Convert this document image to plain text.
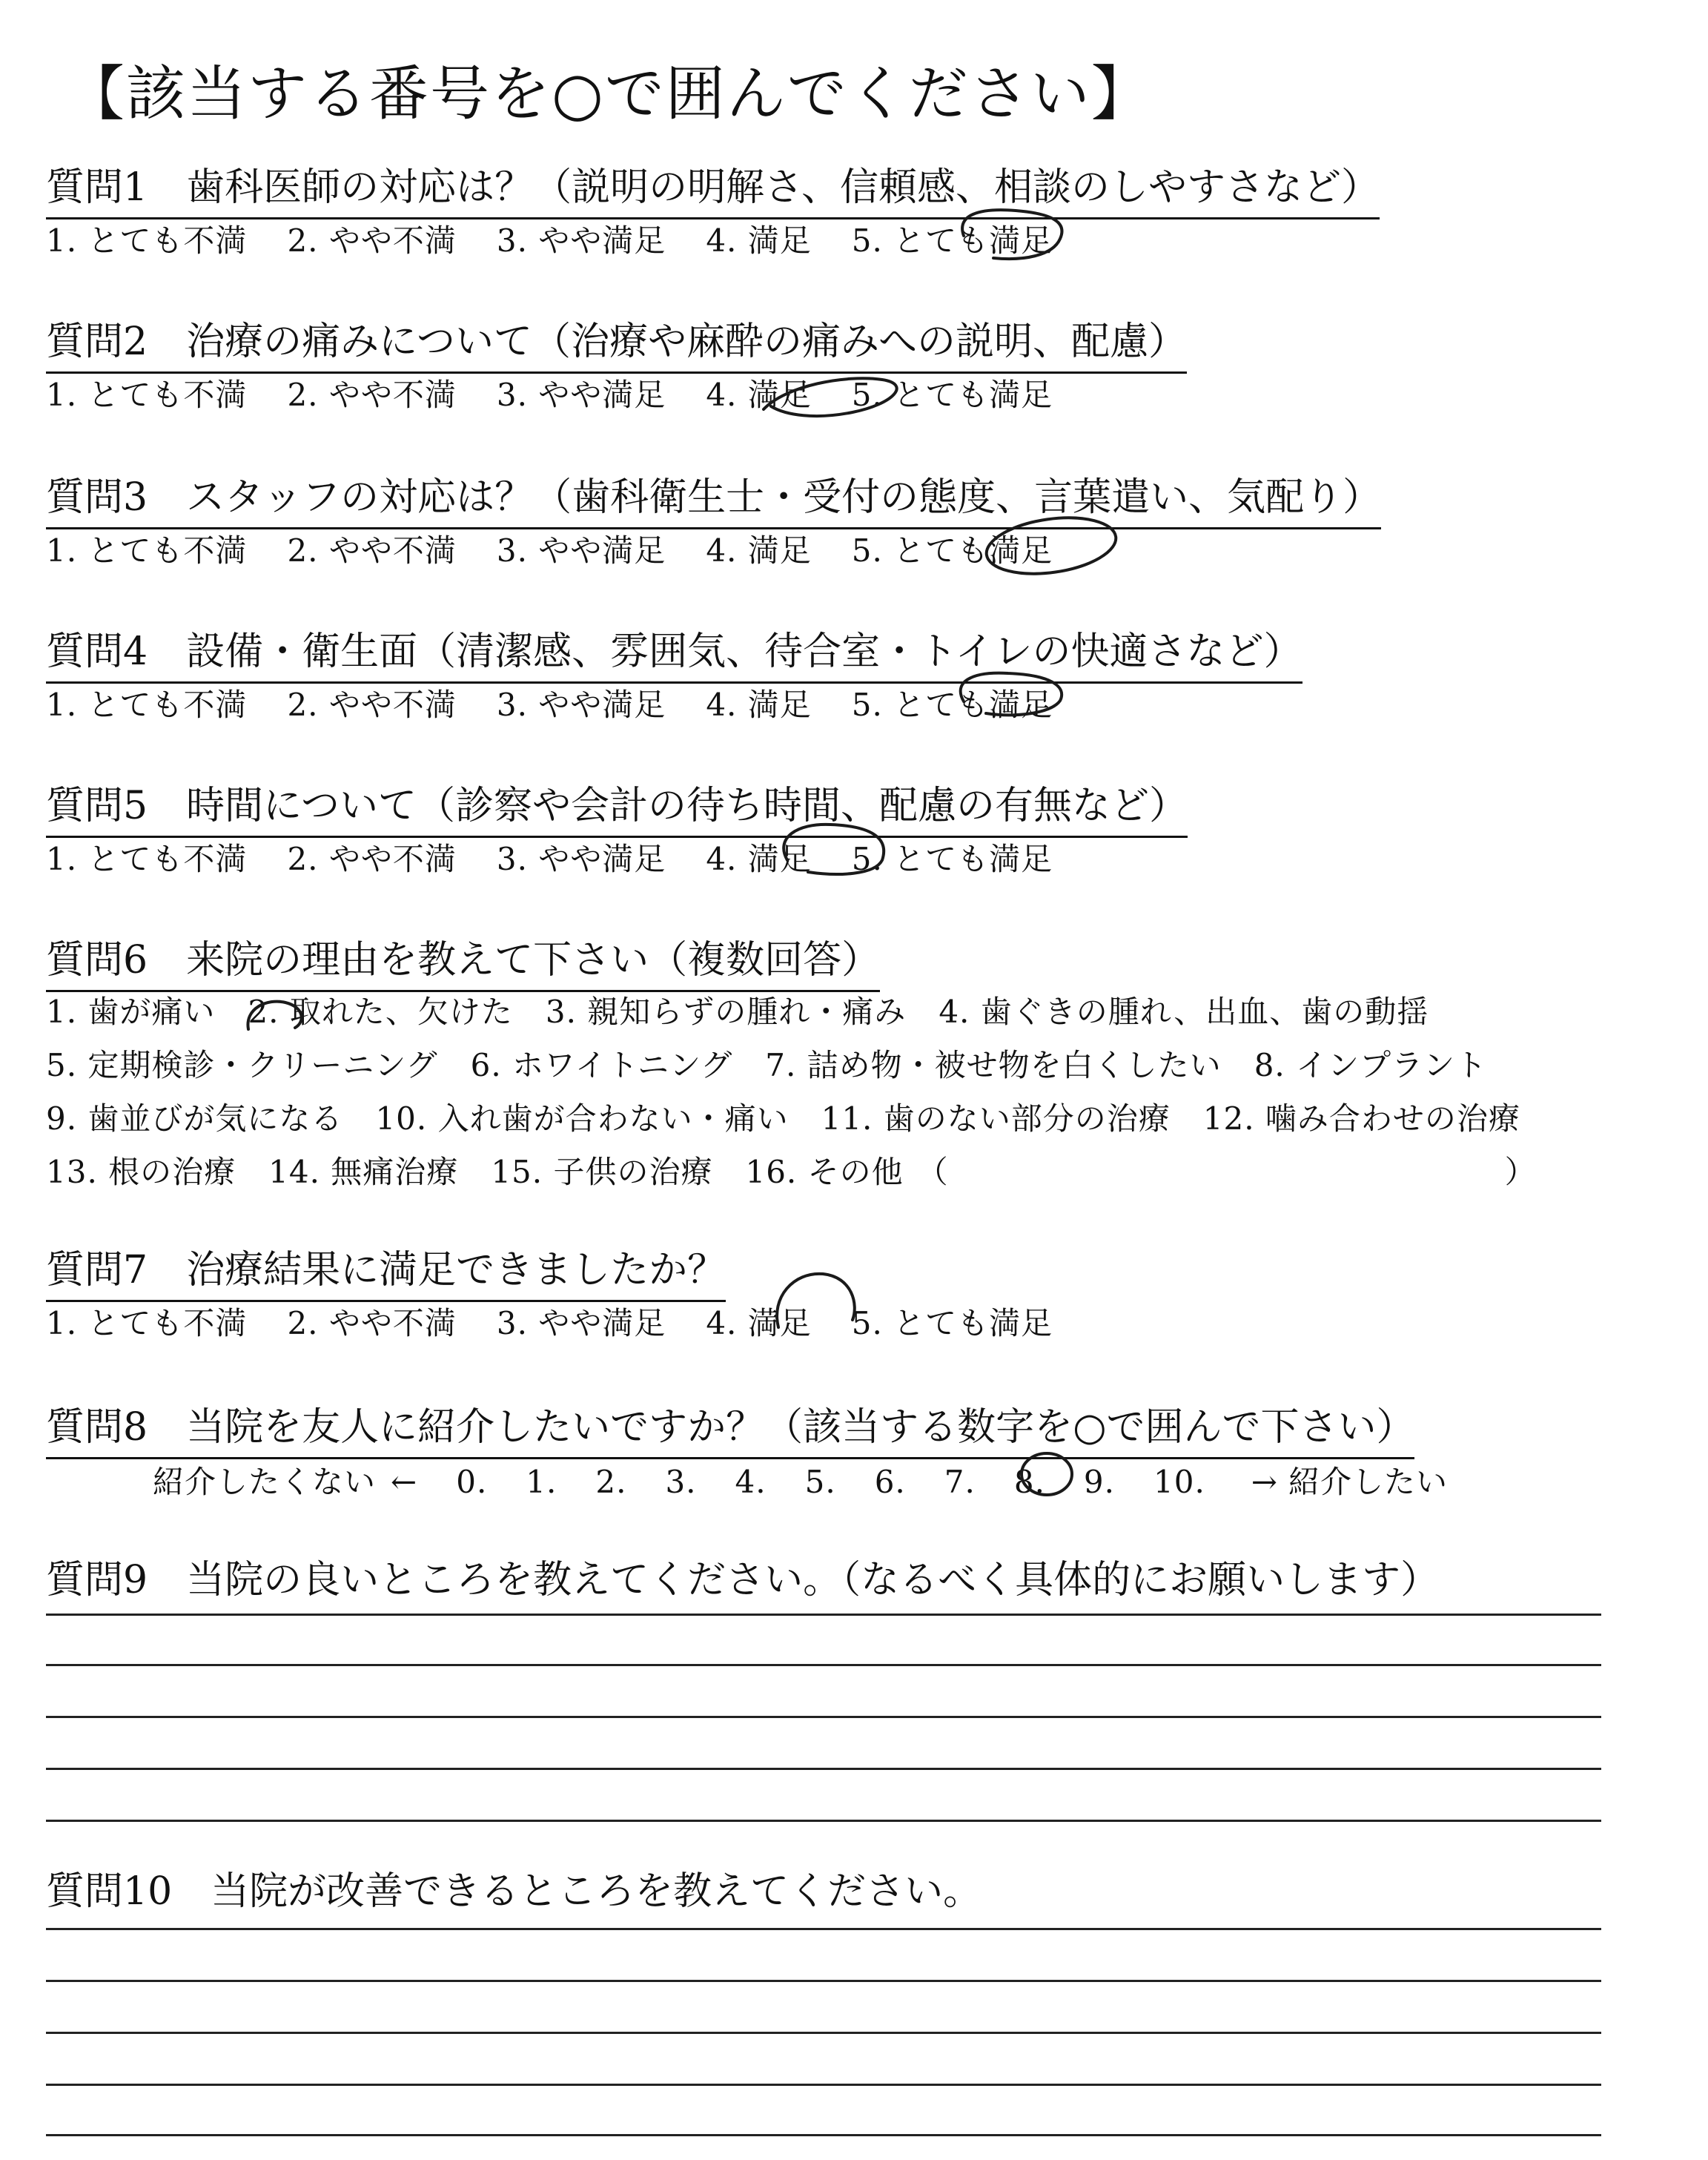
【該当する番号を○で囲んでください】
質問1　歯科医師の対応は？（説明の明解さ、信頼感、相談のしやすさなど）
1. とても不満 2. やや不満 3. やや満足 4. 満足 5. とても満足
質問2　治療の痛みについて（治療や麻酔の痛みへの説明、配慮）
1. とても不満 2. やや不満 3. やや満足 4. 満足 5. とても満足
質問3　スタッフの対応は？（歯科衛生士・受付の態度、言葉遣い、気配り）
1. とても不満 2. やや不満 3. やや満足 4. 満足 5. とても満足
質問4　設備・衛生面（清潔感、雰囲気、待合室・トイレの快適さなど）
1. とても不満 2. やや不満 3. やや満足 4. 満足 5. とても満足
質問5　時間について（診察や会計の待ち時間、配慮の有無など）
1. とても不満 2. やや不満 3. やや満足 4. 満足 5. とても満足
質問6　来院の理由を教えて下さい（複数回答）
1. 歯が痛い 2. 取れた、欠けた 3. 親知らずの腫れ・痛み 4. 歯ぐきの腫れ、出血、歯の動揺
5. 定期検診・クリーニング 6. ホワイトニング 7. 詰め物・被せ物を白くしたい 8. インプラント
9. 歯並びが気になる 10. 入れ歯が合わない・痛い 11. 歯のない部分の治療 12. 噛み合わせの治療
13. 根の治療 14. 無痛治療 15. 子供の治療 16. その他 （	）
質問7　治療結果に満足できましたか？
1. とても不満 2. やや不満 3. やや満足 4. 満足 5. とても満足
質問8　当院を友人に紹介したいですか？（該当する数字を○で囲んで下さい）
紹介したくない ← 0. 1. 2. 3. 4. 5. 6. 7. 8. 9. 10. → 紹介したい
質問9　当院の良いところを教えてください。（なるべく具体的にお願いします）
質問10　当院が改善できるところを教えてください。
